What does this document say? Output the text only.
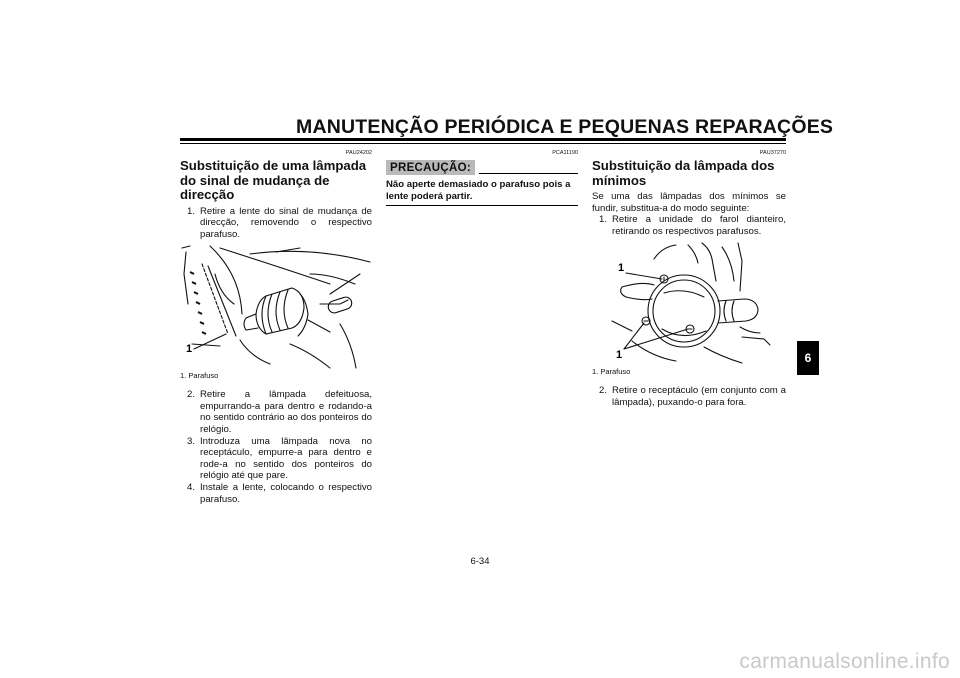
MANUTENÇÃO PERIÓDICA E PEQUENAS REPARAÇÕES
PAU24202
Substituição de uma lâmpada do sinal de mudança de direcção
1. Retire a lente do sinal de mudança de direcção, removendo o respectivo parafuso.
1
1. Parafuso
2. Retire a lâmpada defeituosa, empurrando-a para dentro e rodando-a no sentido contrário ao dos ponteiros do relógio.
3. Introduza uma lâmpada nova no receptáculo, empurre-a para dentro e rode-a no sentido dos ponteiros do relógio até que pare.
4. Instale a lente, colocando o respectivo parafuso.
PCA11190
PRECAUÇÃO:
Não aperte demasiado o parafuso pois a lente poderá partir.
PAU37270
Substituição da lâmpada dos mínimos
Se uma das lâmpadas dos mínimos se fundir, substitua-a do modo seguinte:
1. Retire a unidade do farol dianteiro, retirando os respectivos parafusos.
1
1
1. Parafuso
2. Retire o receptáculo (em conjunto com a lâmpada), puxando-o para fora.
6
6-34
carmanualsonline.info
